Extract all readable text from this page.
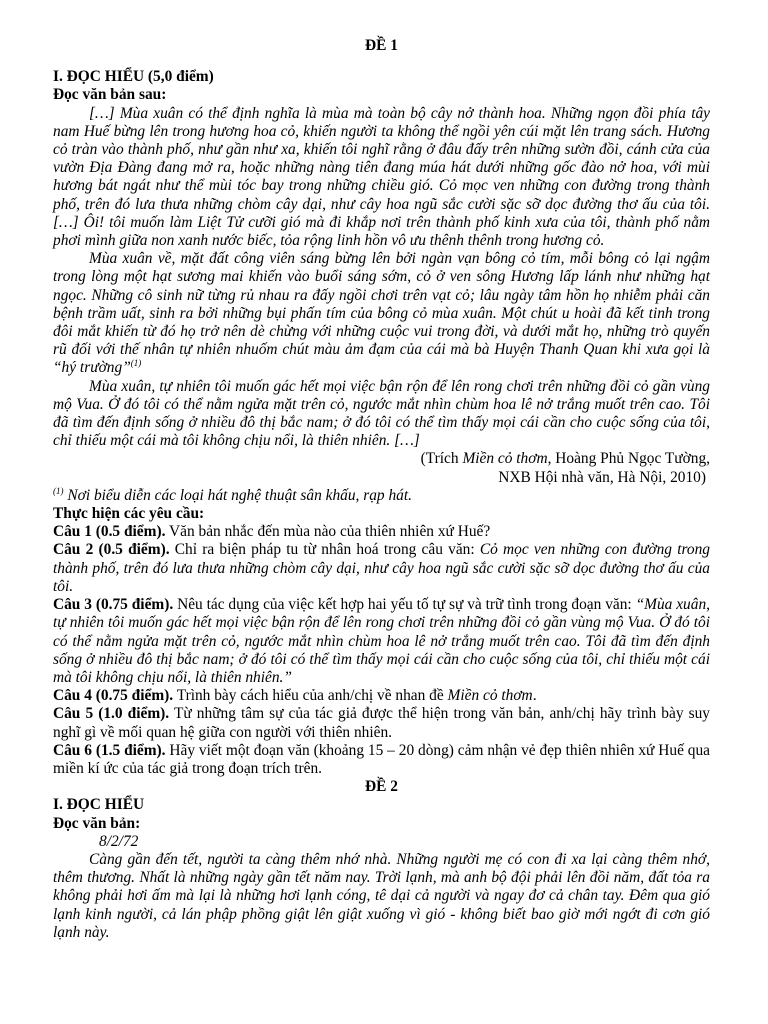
ĐỀ 1
I. ĐỌC HIỂU (5,0 điểm)
Đọc văn bản sau:

[…] Mùa xuân có thể định nghĩa là mùa mà toàn bộ cây nở thành hoa. Những ngọn đồi phía tây nam Huế bừng lên trong hương hoa cỏ, khiến người ta không thể ngồi yên cúi mặt lên trang sách. Hương cỏ tràn vào thành phố, như gần như xa, khiến tôi nghĩ rằng ở đâu đấy trên những sườn đồi, cánh cửa của vườn Địa Đàng đang mở ra, hoặc những nàng tiên đang múa hát dưới những gốc đào nở hoa, với mùi hương bát ngát như thể mùi tóc bay trong những chiều gió. Cỏ mọc ven những con đường trong thành phố, trên đó lưa thưa những chòm cây dại, như cây hoa ngũ sắc cười sặc sỡ dọc đường thơ ấu của tôi. […] Ôi! tôi muốn làm Liệt Tử cưỡi gió mà đi khắp nơi trên thành phố kinh xưa của tôi, thành phố nằm phơi mình giữa non xanh nước biếc, tỏa rộng linh hồn vô ưu thênh thênh trong hương cỏ.

Mùa xuân về, mặt đất công viên sáng bừng lên bởi ngàn vạn bông cỏ tím, mỗi bông cỏ lại ngậm trong lòng một hạt sương mai khiến vào buổi sáng sớm, cỏ ở ven sông Hương lấp lánh như những hạt ngọc. Những cô sinh nữ từng rủ nhau ra đấy ngồi chơi trên vạt cỏ; lâu ngày tâm hồn họ nhiễm phải căn bệnh trầm uất, sinh ra bởi những bụi phấn tím của bông cỏ mùa xuân. Một chút u hoài đã kết tinh trong đôi mắt khiến từ đó họ trở nên dè chừng với những cuộc vui trong đời, và dưới mắt họ, những trò quyến rũ đối với thế nhân tự nhiên nhuốm chút màu ảm đạm của cái mà bà Huyện Thanh Quan khi xưa gọi là “hý trường”$^{(1)}$

Mùa xuân, tự nhiên tôi muốn gác hết mọi việc bận rộn để lên rong chơi trên những đồi cỏ gần vùng mộ Vua. Ở đó tôi có thể nằm ngửa mặt trên cỏ, ngước mắt nhìn chùm hoa lê nở trắng muốt trên cao. Tôi đã tìm đến định sống ở nhiều đô thị bắc nam; ở đó tôi có thể tìm thấy mọi cái cần cho cuộc sống của tôi, chỉ thiếu một cái mà tôi không chịu nổi, là thiên nhiên. […]

(Trích Miền cỏ thơm, Hoàng Phủ Ngọc Tường,
NXB Hội nhà văn, Hà Nội, 2010)
$^{(1)}$ Nơi biểu diễn các loại hát nghệ thuật sân khấu, rạp hát.
Thực hiện các yêu cầu:

Câu 1 (0.5 điểm). Văn bản nhắc đến mùa nào của thiên nhiên xứ Huế?

Câu 2 (0.5 điểm). Chỉ ra biện pháp tu từ nhân hoá trong câu văn: Cỏ mọc ven những con đường trong thành phố, trên đó lưa thưa những chòm cây dại, như cây hoa ngũ sắc cười sặc sỡ dọc đường thơ ấu của tôi.

Câu 3 (0.75 điểm). Nêu tác dụng của việc kết hợp hai yếu tố tự sự và trữ tình trong đoạn văn: “Mùa xuân, tự nhiên tôi muốn gác hết mọi việc bận rộn để lên rong chơi trên những đồi cỏ gần vùng mộ Vua. Ở đó tôi có thể nằm ngửa mặt trên cỏ, ngước mắt nhìn chùm hoa lê nở trắng muốt trên cao. Tôi đã tìm đến định sống ở nhiều đô thị bắc nam; ở đó tôi có thể tìm thấy mọi cái cần cho cuộc sống của tôi, chỉ thiếu một cái mà tôi không chịu nổi, là thiên nhiên.”

Câu 4 (0.75 điểm). Trình bày cách hiểu của anh/chị về nhan đề Miền cỏ thơm.

Câu 5 (1.0 điểm). Từ những tâm sự của tác giả được thể hiện trong văn bản, anh/chị hãy trình bày suy nghĩ gì về mối quan hệ giữa con người với thiên nhiên.

Câu 6 (1.5 điểm). Hãy viết một đoạn văn (khoảng 15 – 20 dòng) cảm nhận vẻ đẹp thiên nhiên xứ Huế qua miền kí ức của tác giả trong đoạn trích trên.

ĐỀ 2
I. ĐỌC HIỂU
Đọc văn bản:
8/2/72

Càng gần đến tết, người ta càng thêm nhớ nhà. Những người mẹ có con đi xa lại càng thêm nhớ, thêm thương. Nhất là những ngày gần tết năm nay. Trời lạnh, mà anh bộ đội phải lên đồi năm, đất tỏa ra không phải hơi ấm mà lại là những hơi lạnh cóng, tê dại cả người và ngay đơ cả chân tay. Đêm qua gió lạnh kinh người, cả lán phập phồng giật lên giật xuống vì gió - không biết bao giờ mới ngớt đi cơn gió lạnh này.
